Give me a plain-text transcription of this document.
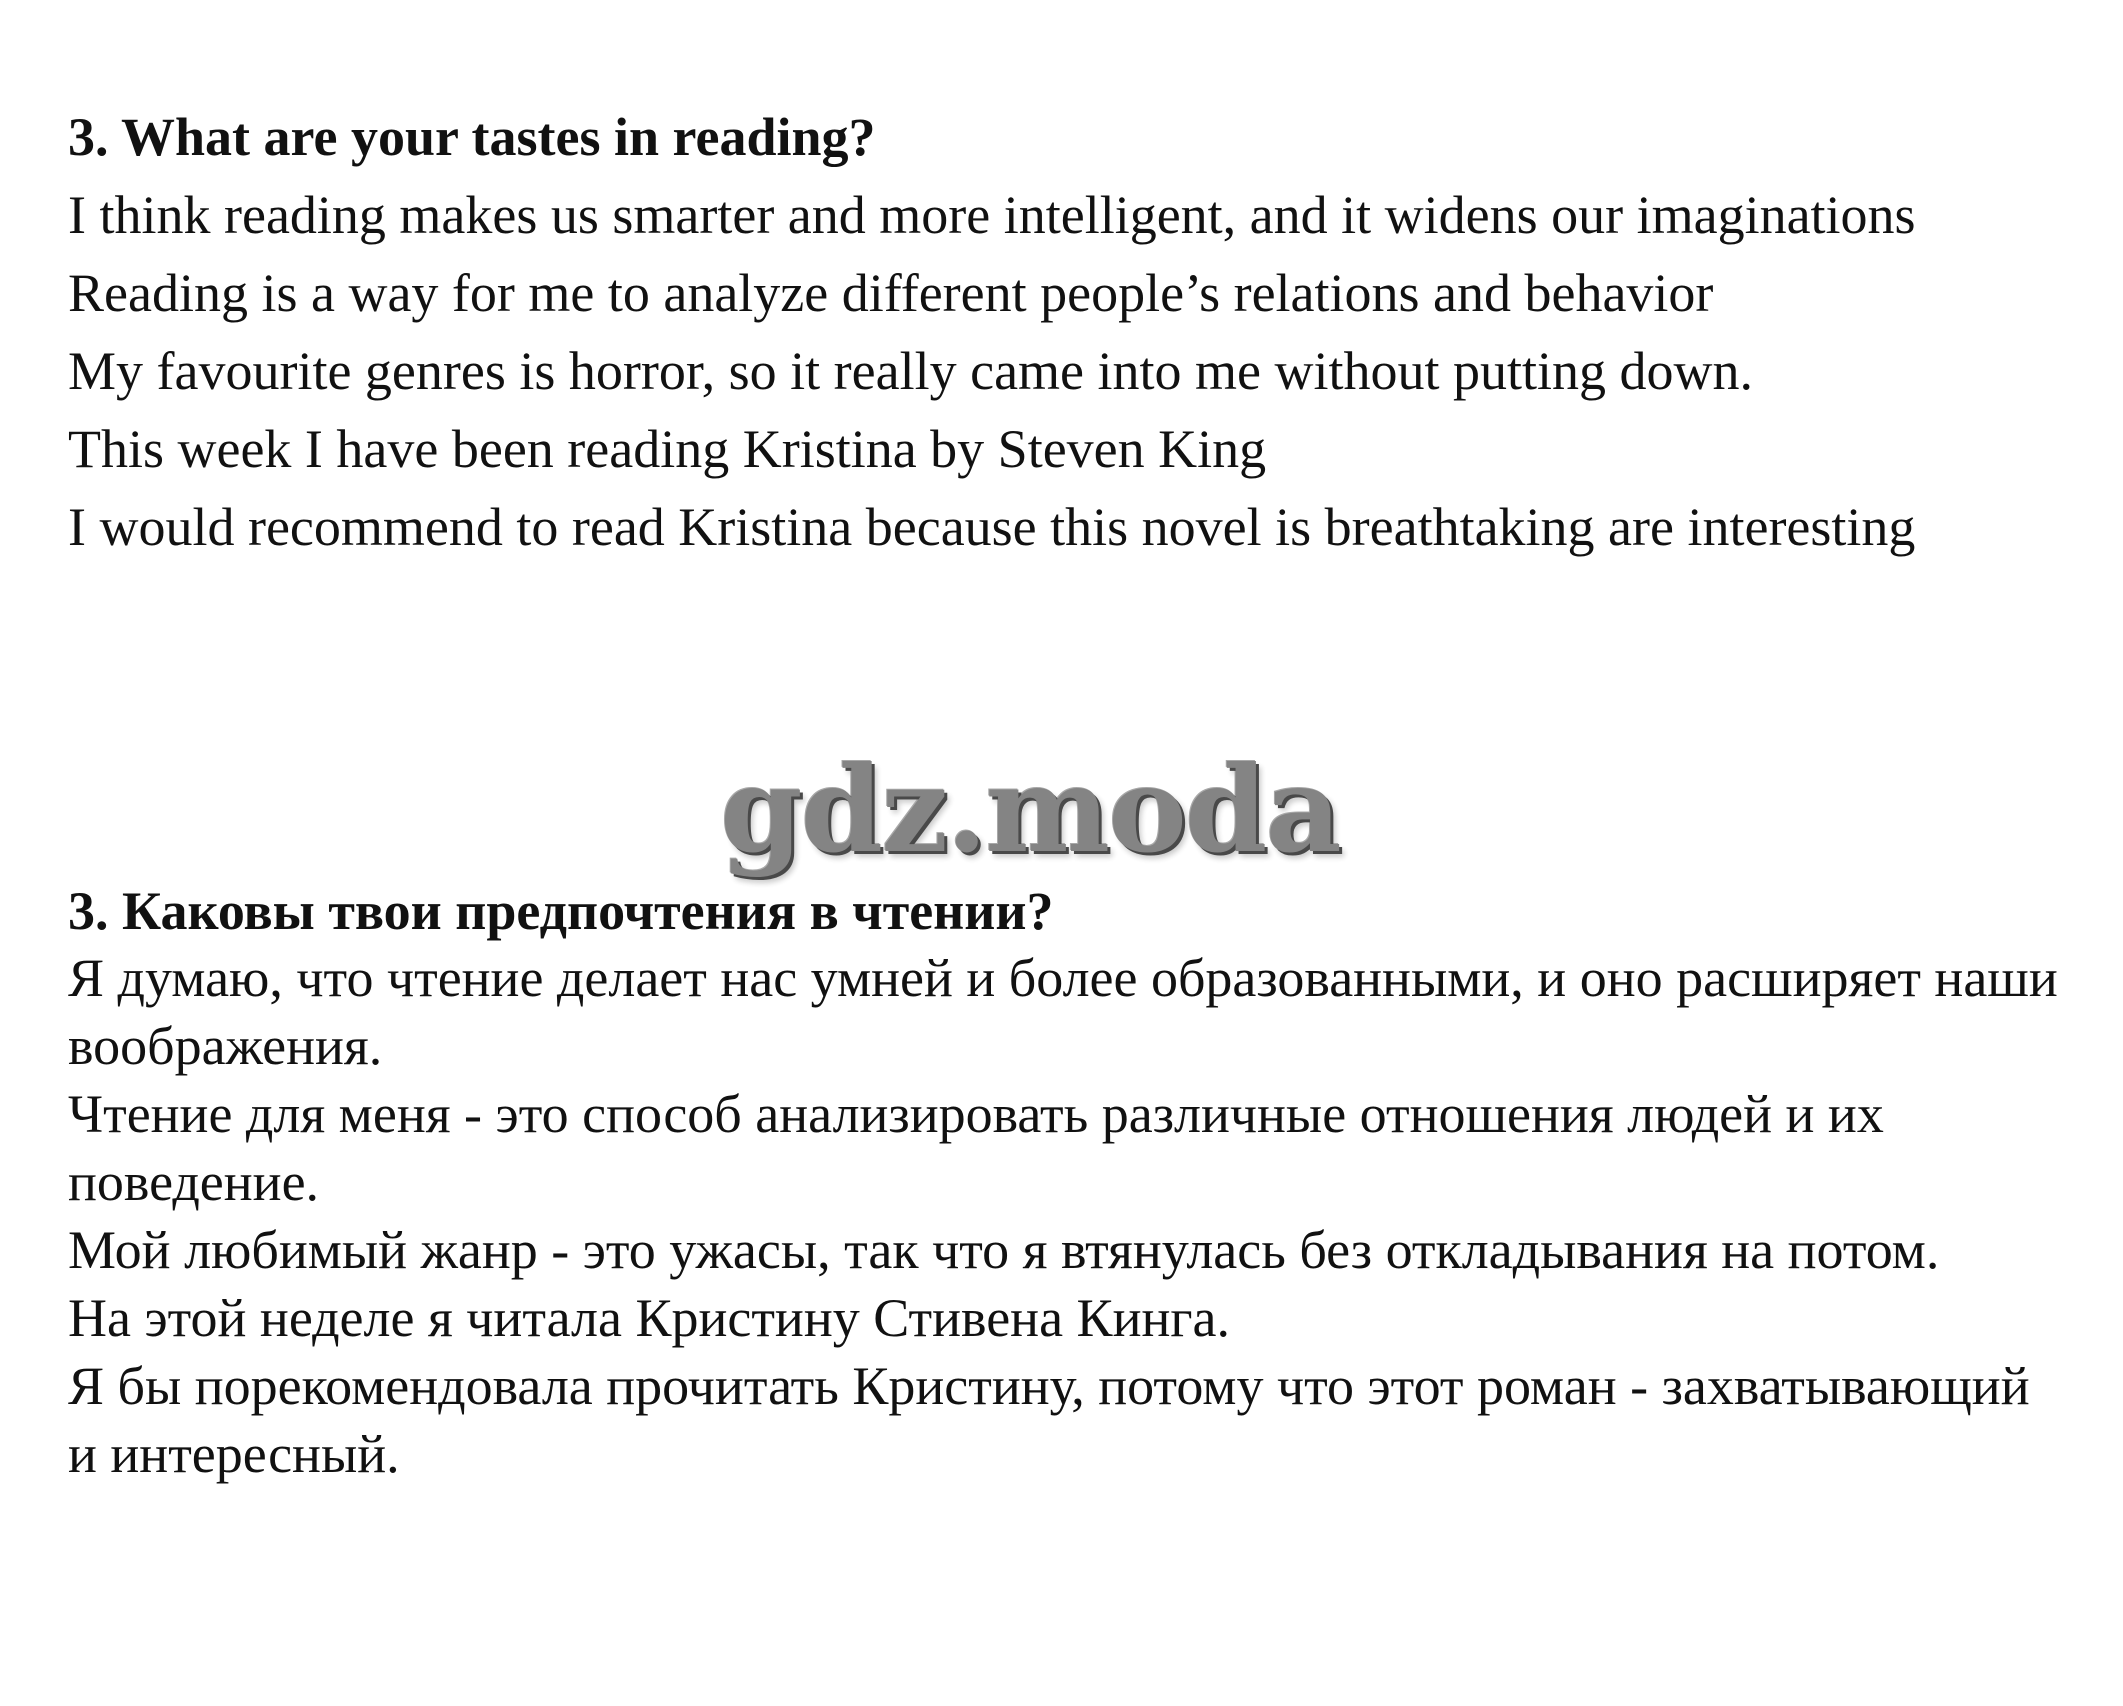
3. What are your tastes in reading?

I think reading makes us smarter and more intelligent, and it widens our imaginations

Reading is a way for me to analyze different people’s relations and behavior

My favourite genres is horror, so it really came into me without putting down.

This week I have been reading Kristina by Steven King

I would recommend to read Kristina because this novel is breathtaking are interesting

gdz.moda

3. Каковы твои предпочтения в чтении?

Я думаю, что чтение делает нас умней и более образованными, и оно расширяет наши воображения.

Чтение для меня - это способ анализировать различные отношения людей и их поведение.

Мой любимый жанр - это ужасы, так что я втянулась без откладывания на потом.

На этой неделе я читала Кристину Стивена Кинга.

Я бы порекомендовала прочитать Кристину, потому что этот роман - захватывающий и интересный.
